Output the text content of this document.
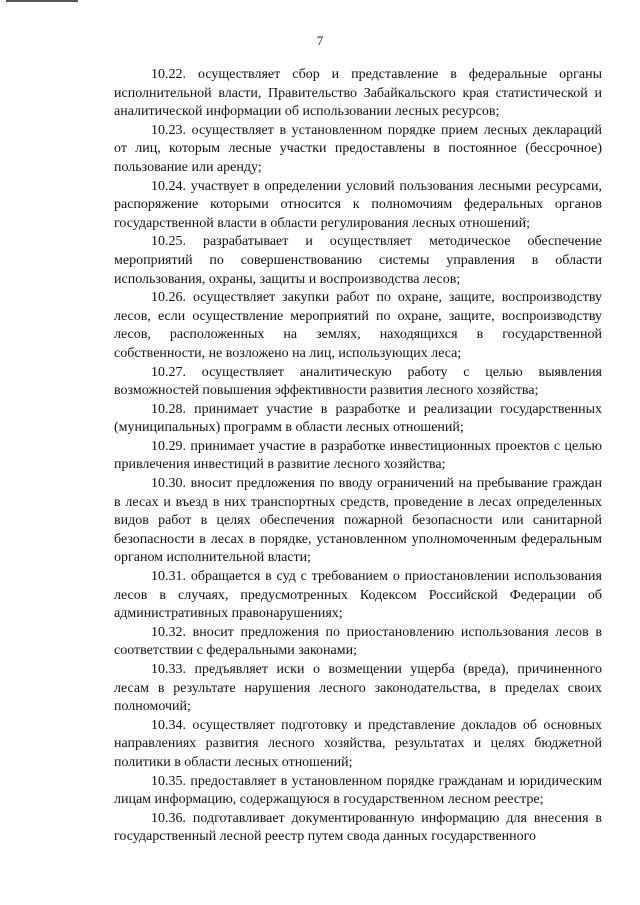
7

10.22. осуществляет сбор и представление в федеральные органы исполнительной власти, Правительство Забайкальского края статистической и аналитической информации об использовании лесных ресурсов;

10.23. осуществляет в установленном порядке прием лесных деклараций от лиц, которым лесные участки предоставлены в постоянное (бессрочное) пользование или аренду;

10.24. участвует в определении условий пользования лесными ресурсами, распоряжение которыми относится к полномочиям федеральных органов государственной власти в области регулирования лесных отношений;

10.25. разрабатывает и осуществляет методическое обеспечение мероприятий по совершенствованию системы управления в области использования, охраны, защиты и воспроизводства лесов;

10.26. осуществляет закупки работ по охране, защите, воспроизводству лесов, если осуществление мероприятий по охране, защите, воспроизводству лесов, расположенных на землях, находящихся в государственной собственности, не возложено на лиц, использующих леса;

10.27. осуществляет аналитическую работу с целью выявления возможностей повышения эффективности развития лесного хозяйства;

10.28. принимает участие в разработке и реализации государственных (муниципальных) программ в области лесных отношений;

10.29. принимает участие в разработке инвестиционных проектов с целью привлечения инвестиций в развитие лесного хозяйства;

10.30. вносит предложения по вводу ограничений на пребывание граждан в лесах и въезд в них транспортных средств, проведение в лесах определенных видов работ в целях обеспечения пожарной безопасности или санитарной безопасности в лесах в порядке, установленном уполномоченным федеральным органом исполнительной власти;

10.31. обращается в суд с требованием о приостановлении использования лесов в случаях, предусмотренных Кодексом Российской Федерации об административных правонарушениях;

10.32. вносит предложения по приостановлению использования лесов в соответствии с федеральными законами;

10.33. предъявляет иски о возмещении ущерба (вреда), причиненного лесам в результате нарушения лесного законодательства, в пределах своих полномочий;

10.34. осуществляет подготовку и представление докладов об основных направлениях развития лесного хозяйства, результатах и целях бюджетной политики в области лесных отношений;

10.35. предоставляет в установленном порядке гражданам и юридическим лицам информацию, содержащуюся в государственном лесном реестре;

10.36. подготавливает документированную информацию для внесения в государственный лесной реестр путем свода данных государственного
